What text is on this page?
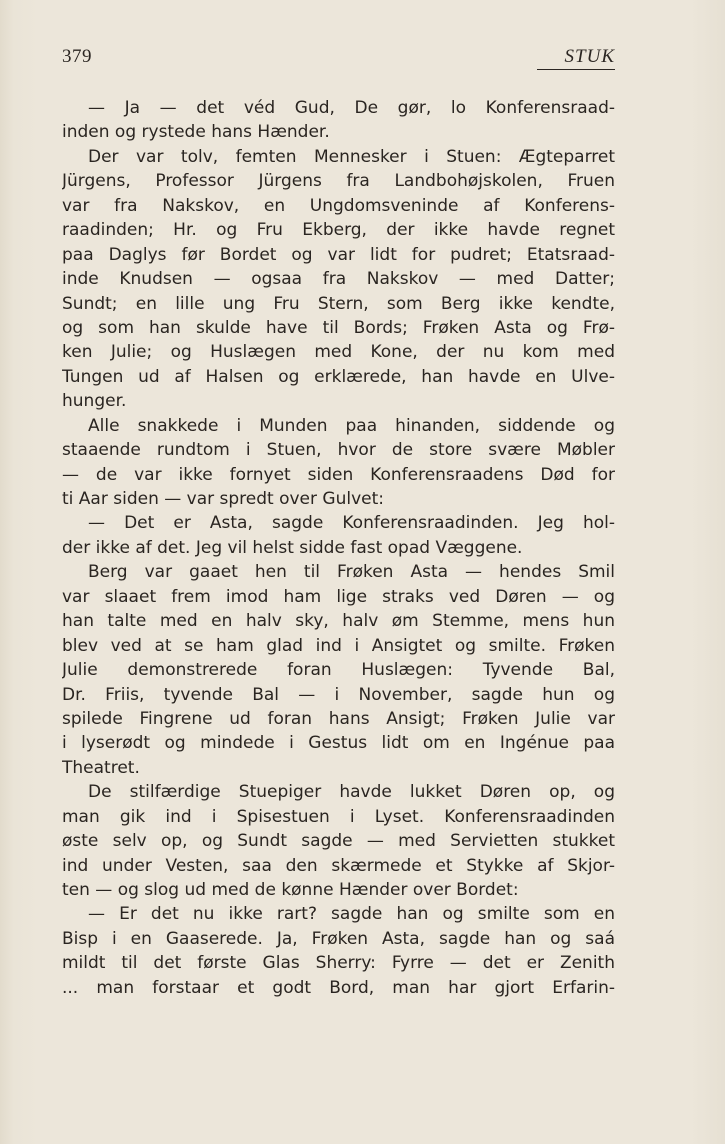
379	STUK
— Ja — det véd Gud, De gør, lo Konferensraad-
inden og rystede hans Hænder.
Der var tolv, femten Mennesker i Stuen: Ægteparret
Jürgens, Professor Jürgens fra Landbohøjskolen, Fruen
var fra Nakskov, en Ungdomsveninde af Konferens-
raadinden; Hr. og Fru Ekberg, der ikke havde regnet
paa Daglys før Bordet og var lidt for pudret; Etatsraad-
inde Knudsen — ogsaa fra Nakskov — med Datter;
Sundt; en lille ung Fru Stern, som Berg ikke kendte,
og som han skulde have til Bords; Frøken Asta og Frø-
ken Julie; og Huslægen med Kone, der nu kom med
Tungen ud af Halsen og erklærede, han havde en Ulve-
hunger.
Alle snakkede i Munden paa hinanden, siddende og
staaende rundtom i Stuen, hvor de store svære Møbler
— de var ikke fornyet siden Konferensraadens Død for
ti Aar siden — var spredt over Gulvet:
— Det er Asta, sagde Konferensraadinden. Jeg hol-
der ikke af det. Jeg vil helst sidde fast opad Væggene.
Berg var gaaet hen til Frøken Asta — hendes Smil
var slaaet frem imod ham lige straks ved Døren — og
han talte med en halv sky, halv øm Stemme, mens hun
blev ved at se ham glad ind i Ansigtet og smilte. Frøken
Julie demonstrerede foran Huslægen: Tyvende Bal,
Dr. Friis, tyvende Bal — i November, sagde hun og
spilede Fingrene ud foran hans Ansigt; Frøken Julie var
i lyserødt og mindede i Gestus lidt om en Ingénue paa
Theatret.
De stilfærdige Stuepiger havde lukket Døren op, og
man gik ind i Spisestuen i Lyset. Konferensraadinden
øste selv op, og Sundt sagde — med Servietten stukket
ind under Vesten, saa den skærmede et Stykke af Skjor-
ten — og slog ud med de kønne Hænder over Bordet:
— Er det nu ikke rart? sagde han og smilte som en
Bisp i en Gaaserede. Ja, Frøken Asta, sagde han og saá
mildt til det første Glas Sherry: Fyrre — det er Zenith
... man forstaar et godt Bord, man har gjort Erfarin-
